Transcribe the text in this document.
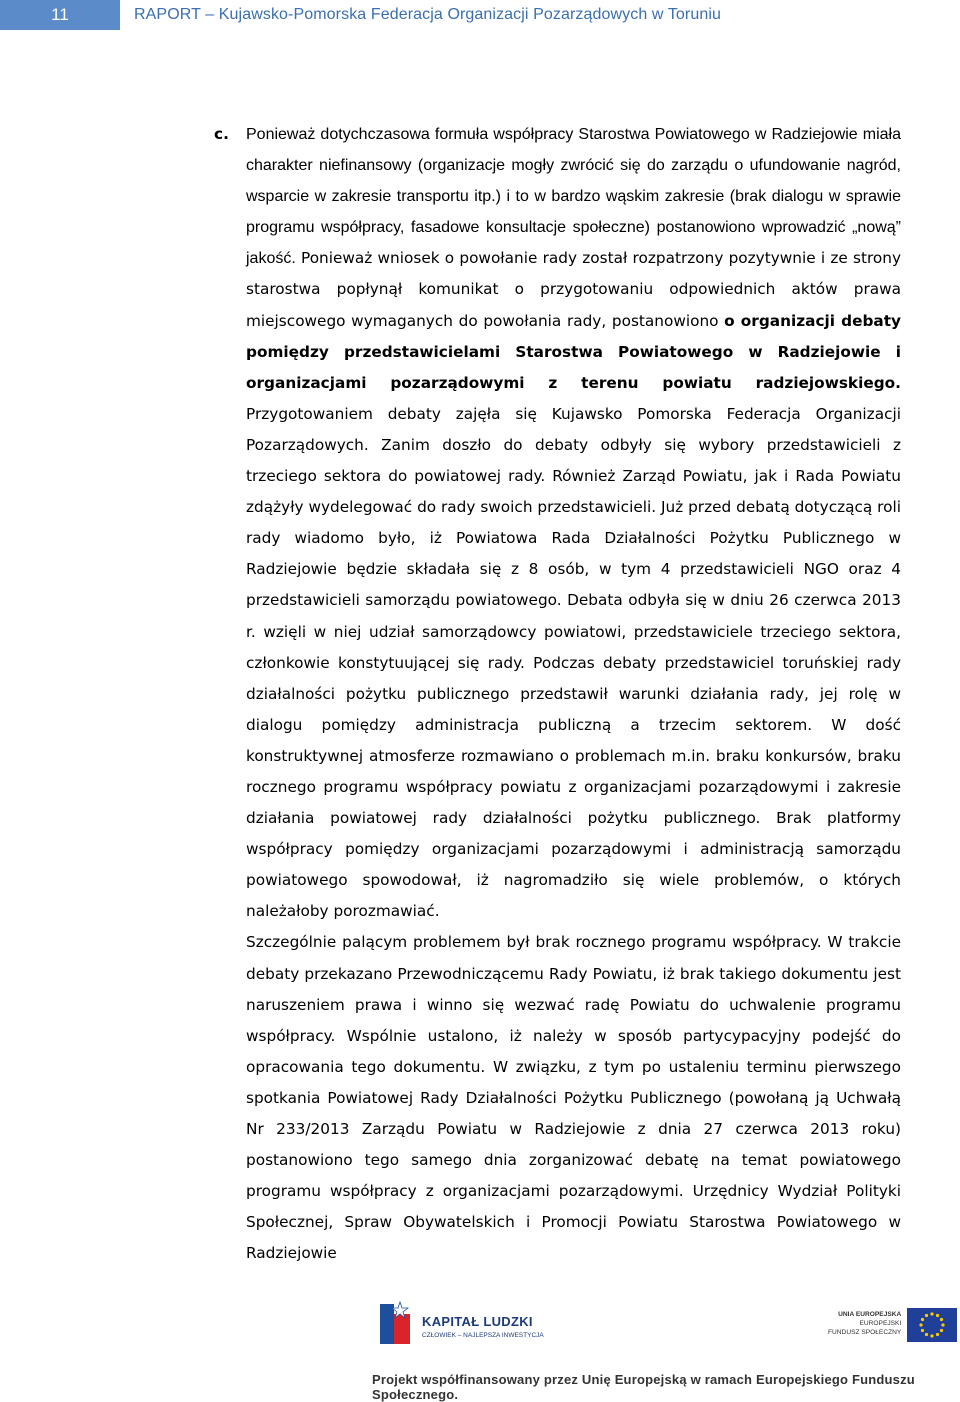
11	RAPORT – Kujawsko-Pomorska Federacja Organizacji Pozarządowych w Toruniu

c. Ponieważ dotychczasowa formuła współpracy Starostwa Powiatowego w Radziejowie miała charakter niefinansowy (organizacje mogły zwrócić się do zarządu o ufundowanie nagród, wsparcie w zakresie transportu itp.) i to w bardzo wąskim zakresie (brak dialogu w sprawie programu współpracy, fasadowe konsultacje społeczne) postanowiono wprowadzić „nową” jakość. Ponieważ wniosek o powołanie rady został rozpatrzony pozytywnie i ze strony starostwa popłynął komunikat o przygotowaniu odpowiednich aktów prawa miejscowego wymaganych do powołania rady, postanowiono o organizacji debaty pomiędzy przedstawicielami Starostwa Powiatowego w Radziejowie i organizacjami pozarządowymi z terenu powiatu radziejowskiego. Przygotowaniem debaty zajęła się Kujawsko Pomorska Federacja Organizacji Pozarządowych. Zanim doszło do debaty odbyły się wybory przedstawicieli z trzeciego sektora do powiatowej rady. Również Zarząd Powiatu, jak i Rada Powiatu zdążyły wydelegować do rady swoich przedstawicieli. Już przed debatą dotyczącą roli rady wiadomo było, iż Powiatowa Rada Działalności Pożytku Publicznego w Radziejowie będzie składała się z 8 osób, w tym 4 przedstawicieli NGO oraz 4 przedstawicieli samorządu powiatowego. Debata odbyła się w dniu 26 czerwca 2013 r. wzięli w niej udział samorządowcy powiatowi, przedstawiciele trzeciego sektora, członkowie konstytuującej się rady. Podczas debaty przedstawiciel toruńskiej rady działalności pożytku publicznego przedstawił warunki działania rady, jej rolę w dialogu pomiędzy administracja publiczną a trzecim sektorem. W dość konstruktywnej atmosferze rozmawiano o problemach m.in. braku konkursów, braku rocznego programu współpracy powiatu z organizacjami pozarządowymi i zakresie działania powiatowej rady działalności pożytku publicznego. Brak platformy współpracy pomiędzy organizacjami pozarządowymi i administracją samorządu powiatowego spowodował, iż nagromadziło się wiele problemów, o których należałoby porozmawiać.

Szczególnie palącym problemem był brak rocznego programu współpracy. W trakcie debaty przekazano Przewodniczącemu Rady Powiatu, iż brak takiego dokumentu jest naruszeniem prawa i winno się wezwać radę Powiatu do uchwalenie programu współpracy. Wspólnie ustalono, iż należy w sposób partycypacyjny podejść do opracowania tego dokumentu. W związku, z tym po ustaleniu terminu pierwszego spotkania Powiatowej Rady Działalności Pożytku Publicznego (powołaną ją Uchwałą Nr 233/2013 Zarządu Powiatu w Radziejowie z dnia 27 czerwca 2013 roku) postanowiono tego samego dnia zorganizować debatę na temat powiatowego programu współpracy z organizacjami pozarządowymi. Urzędnicy Wydział Polityki Społecznej, Spraw Obywatelskich i Promocji Powiatu Starostwa Powiatowego w Radziejowie

KAPITAŁ LUDZKI
CZŁOWIEK – NAJLEPSZA INWESTYCJA
UNIA EUROPEJSKA
EUROPEJSKI
FUNDUSZ SPOŁECZNY
Projekt współfinansowany przez Unię Europejską w ramach Europejskiego Funduszu Społecznego.
